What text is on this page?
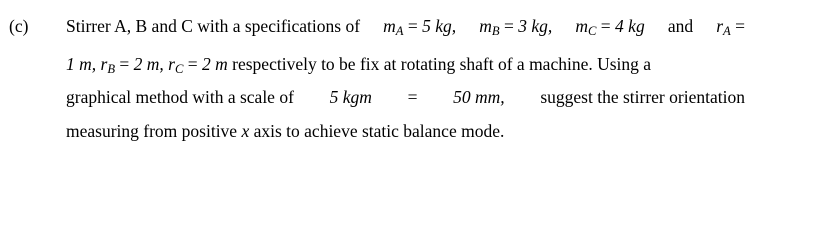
(c) Stirrer A, B and C with a specifications of $m_A = 5$ kg, $m_B = 3$ kg, $m_C = 4$ kg and $r_A$ =
1 m, $r_B = 2$ m, $r_C = 2$ m respectively to be fix at rotating shaft of a machine. Using a
graphical method with a scale of 5 kgm = 50 mm, suggest the stirrer orientation
measuring from positive x axis to achieve static balance mode.
